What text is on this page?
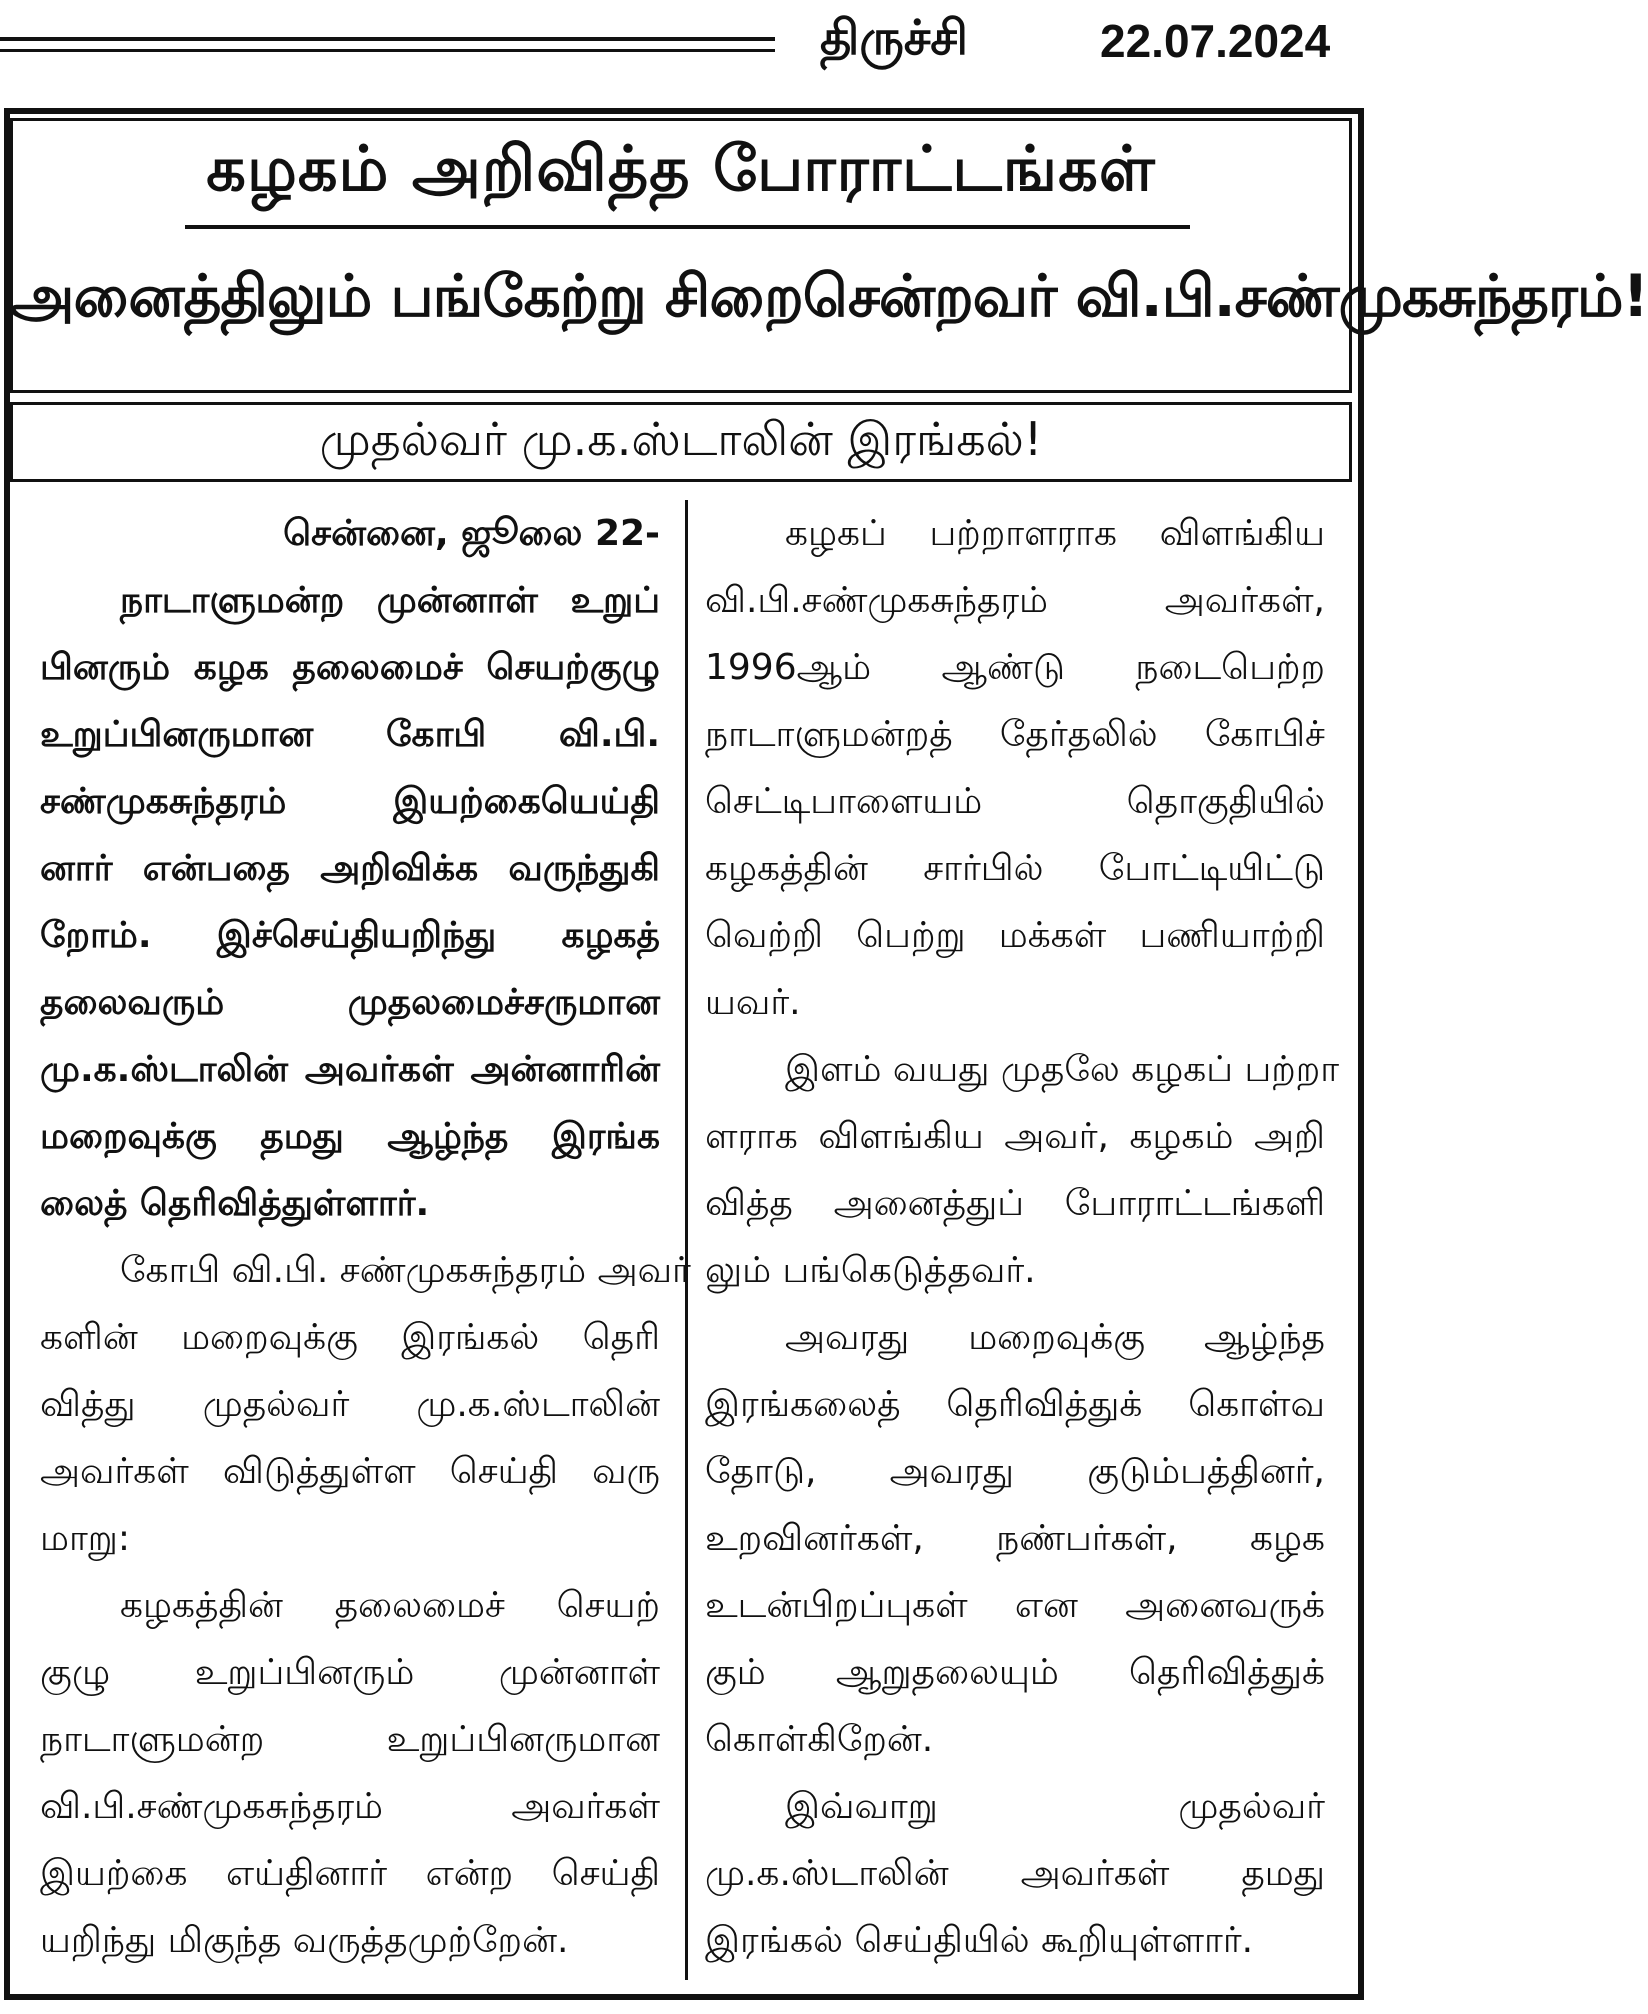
திருச்சி	22.07.2024
கழகம் அறிவித்த போராட்டங்கள்
அனைத்திலும் பங்கேற்று சிறைசென்றவர் வி.பி.சண்முகசுந்தரம்!
முதல்வர் மு.க.ஸ்டாலின் இரங்கல்!
சென்னை, ஜூலை 22-
நாடாளுமன்ற முன்னாள் உறுப்
பினரும் கழக தலைமைச் செயற்குழு
உறுப்பினருமான கோபி வி.பி.
சண்முகசுந்தரம் இயற்கையெய்தி
னார் என்பதை அறிவிக்க வருந்துகி
றோம். இச்செய்தியறிந்து கழகத்
தலைவரும் முதலமைச்சருமான
மு.க.ஸ்டாலின் அவர்கள் அன்னாரின்
மறைவுக்கு தமது ஆழ்ந்த இரங்க
லைத் தெரிவித்துள்ளார்.
கோபி வி.பி. சண்முகசுந்தரம் அவர்
களின் மறைவுக்கு இரங்கல் தெரி
வித்து முதல்வர் மு.க.ஸ்டாலின்
அவர்கள் விடுத்துள்ள செய்தி வரு
மாறு:
கழகத்தின் தலைமைச் செயற்
குழு உறுப்பினரும் முன்னாள்
நாடாளுமன்ற உறுப்பினருமான
வி.பி.சண்முகசுந்தரம் அவர்கள்
இயற்கை எய்தினார் என்ற செய்தி
யறிந்து மிகுந்த வருத்தமுற்றேன்.
கழகப் பற்றாளராக விளங்கிய
வி.பி.சண்முகசுந்தரம் அவர்கள்,
1996ஆம் ஆண்டு நடைபெற்ற
நாடாளுமன்றத் தேர்தலில் கோபிச்
செட்டிபாளையம் தொகுதியில்
கழகத்தின் சார்பில் போட்டியிட்டு
வெற்றி பெற்று மக்கள் பணியாற்றி
யவர்.
இளம் வயது முதலே கழகப் பற்றா
ளராக விளங்கிய அவர், கழகம் அறி
வித்த அனைத்துப் போராட்டங்களி
லும் பங்கெடுத்தவர்.
அவரது மறைவுக்கு ஆழ்ந்த
இரங்கலைத் தெரிவித்துக் கொள்வ
தோடு, அவரது குடும்பத்தினர்,
உறவினர்கள், நண்பர்கள், கழக
உடன்பிறப்புகள் என அனைவருக்
கும் ஆறுதலையும் தெரிவித்துக்
கொள்கிறேன்.
இவ்வாறு முதல்வர்
மு.க.ஸ்டாலின் அவர்கள் தமது
இரங்கல் செய்தியில் கூறியுள்ளார்.
